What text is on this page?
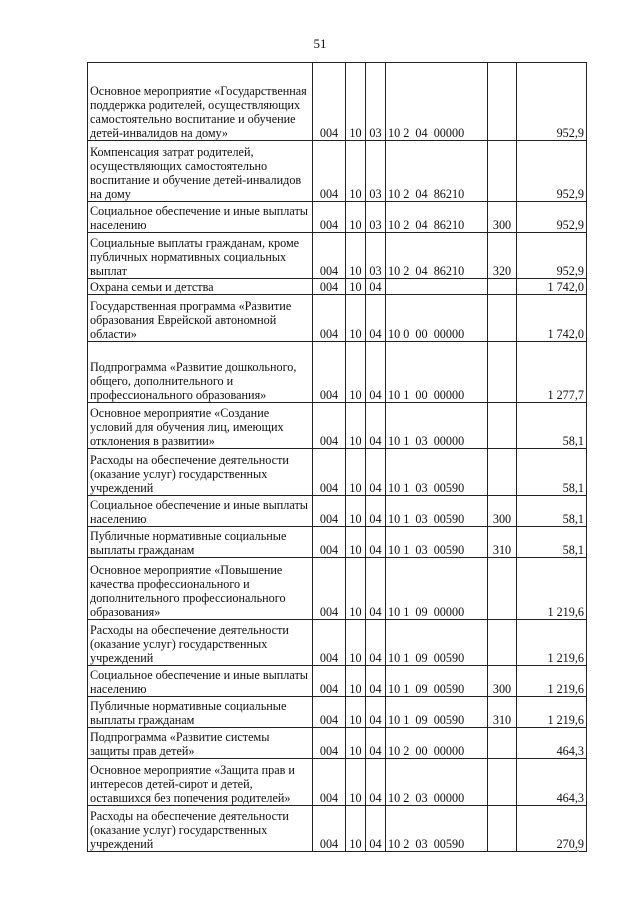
51
Основное мероприятие «Государственная поддержка родителей, осуществляющих самостоятельно воспитание и обучение детей-инвалидов на дому»	004	10	03	10 2  04  00000		952,9
Компенсация затрат родителей, осуществляющих самостоятельно воспитание и обучение детей-инвалидов на дому	004	10	03	10 2  04  86210		952,9
Социальное обеспечение и иные выплаты населению	004	10	03	10 2  04  86210	300	952,9
Социальные выплаты гражданам, кроме публичных нормативных социальных выплат	004	10	03	10 2  04  86210	320	952,9
Охрана семьи и детства	004	10	04			1 742,0
Государственная программа «Развитие образования Еврейской автономной области»	004	10	04	10 0  00  00000		1 742,0
Подпрограмма «Развитие дошкольного, общего, дополнительного и профессионального образования»	004	10	04	10 1  00  00000		1 277,7
Основное мероприятие «Создание условий для обучения лиц, имеющих отклонения в развитии»	004	10	04	10 1  03  00000		58,1
Расходы на обеспечение деятельности (оказание услуг) государственных учреждений	004	10	04	10 1  03  00590		58,1
Социальное обеспечение и иные выплаты населению	004	10	04	10 1  03  00590	300	58,1
Публичные нормативные социальные выплаты гражданам	004	10	04	10 1  03  00590	310	58,1
Основное мероприятие «Повышение качества профессионального и дополнительного профессионального образования»	004	10	04	10 1  09  00000		1 219,6
Расходы на обеспечение деятельности (оказание услуг) государственных учреждений	004	10	04	10 1  09  00590		1 219,6
Социальное обеспечение и иные выплаты населению	004	10	04	10 1  09  00590	300	1 219,6
Публичные нормативные социальные выплаты гражданам	004	10	04	10 1  09  00590	310	1 219,6
Подпрограмма «Развитие системы защиты прав детей»	004	10	04	10 2  00  00000		464,3
Основное мероприятие «Защита прав и интересов детей-сирот и детей, оставшихся без попечения родителей»	004	10	04	10 2  03  00000		464,3
Расходы на обеспечение деятельности (оказание услуг) государственных учреждений	004	10	04	10 2  03  00590		270,9
